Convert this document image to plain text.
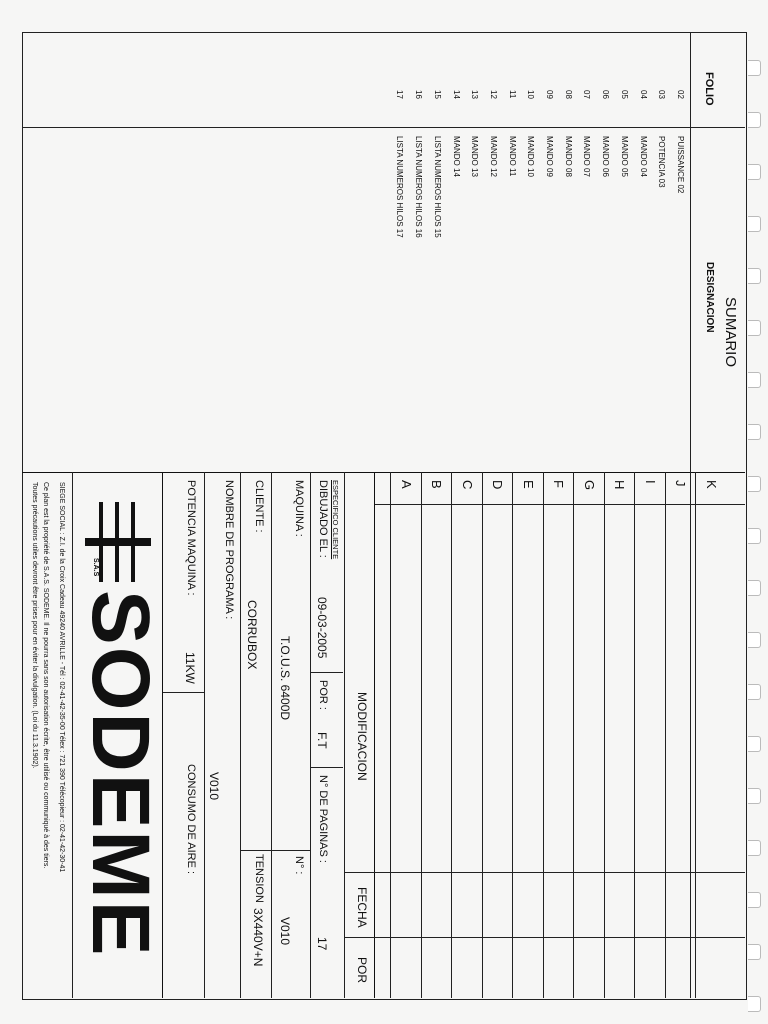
SUMARIO
FOLIO
DESIGNACION
02
PUISSANCE 02
03
POTENCIA 03
04
MANDO 04
05
MANDO 05
06
MANDO 06
07
MANDO 07
08
MANDO 08
09
MANDO 09
10
MANDO 10
11
MANDO 11
12
MANDO 12
13
MANDO 13
14
MANDO 14
15
LISTA NUMEROS HILOS 15
16
LISTA NUMEROS HILOS 16
17
LISTA NUMEROS HILOS 17
K
J
I
H
G
F
E
D
C
B
A
MODIFICACION
FECHA
POR
ESPECIFICO CLIENTE
DIBUJADO EL :
09-03-2005
POR :
F.T
N° DE PAGINAS :
17
MAQUINA :
T.O.U.S. 6400D
N° :
V010
CLIENTE :
CORRUBOX
TENSION
3X440V+N
NOMBRE DE PROGRAMA :
V010
POTENCIA MAQUINA :
11KW
CONSUMO DE AIRE :
S.A.S
SODEME
SIEGE SOCIAL : Z.I. de la Croix Cadeau 49240 AVRILLE - Tél : 02-41-42-35-00 Télex : 721 390 Télécopieur : 02-41-42-30-41
Ce plan est la propriété de S.A.S. SODEME. Il ne pourra sans son autorisation écrite, être utilisé ou communiqué à des tiers.
Toutes précautions utiles devront être prises pour en éviter la divulgation. (Loi du 11.3.1902).
